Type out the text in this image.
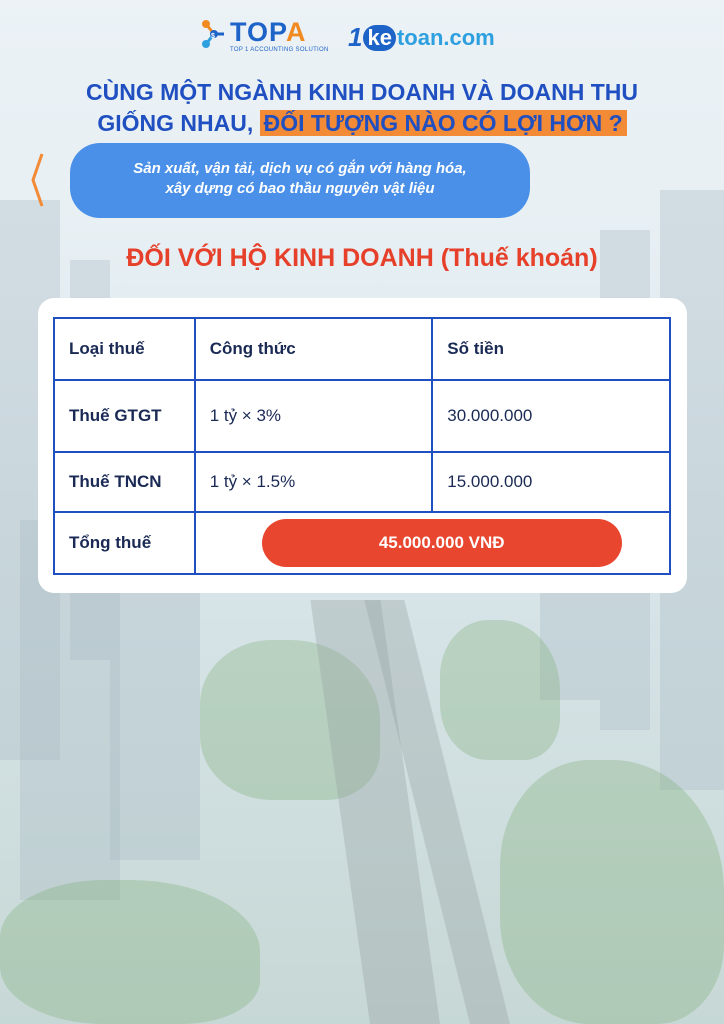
$ TOPA
TOP 1 ACCOUNTING SOLUTION 1 ke toan.com
CÙNG MỘT NGÀNH KINH DOANH VÀ DOANH THU
GIỐNG NHAU, ĐỐI TƯỢNG NÀO CÓ LỢI HƠN ?
Sản xuất, vận tải, dịch vụ có gắn với hàng hóa,
xây dựng có bao thầu nguyên vật liệu
ĐỐI VỚI HỘ KINH DOANH (Thuế khoán)
Loại thuế	Công thức	Số tiền
Thuế GTGT	1 tỷ × 3%	30.000.000
Thuế TNCN	1 tỷ × 1.5%	15.000.000
Tổng thuế	45.000.000 VNĐ	
